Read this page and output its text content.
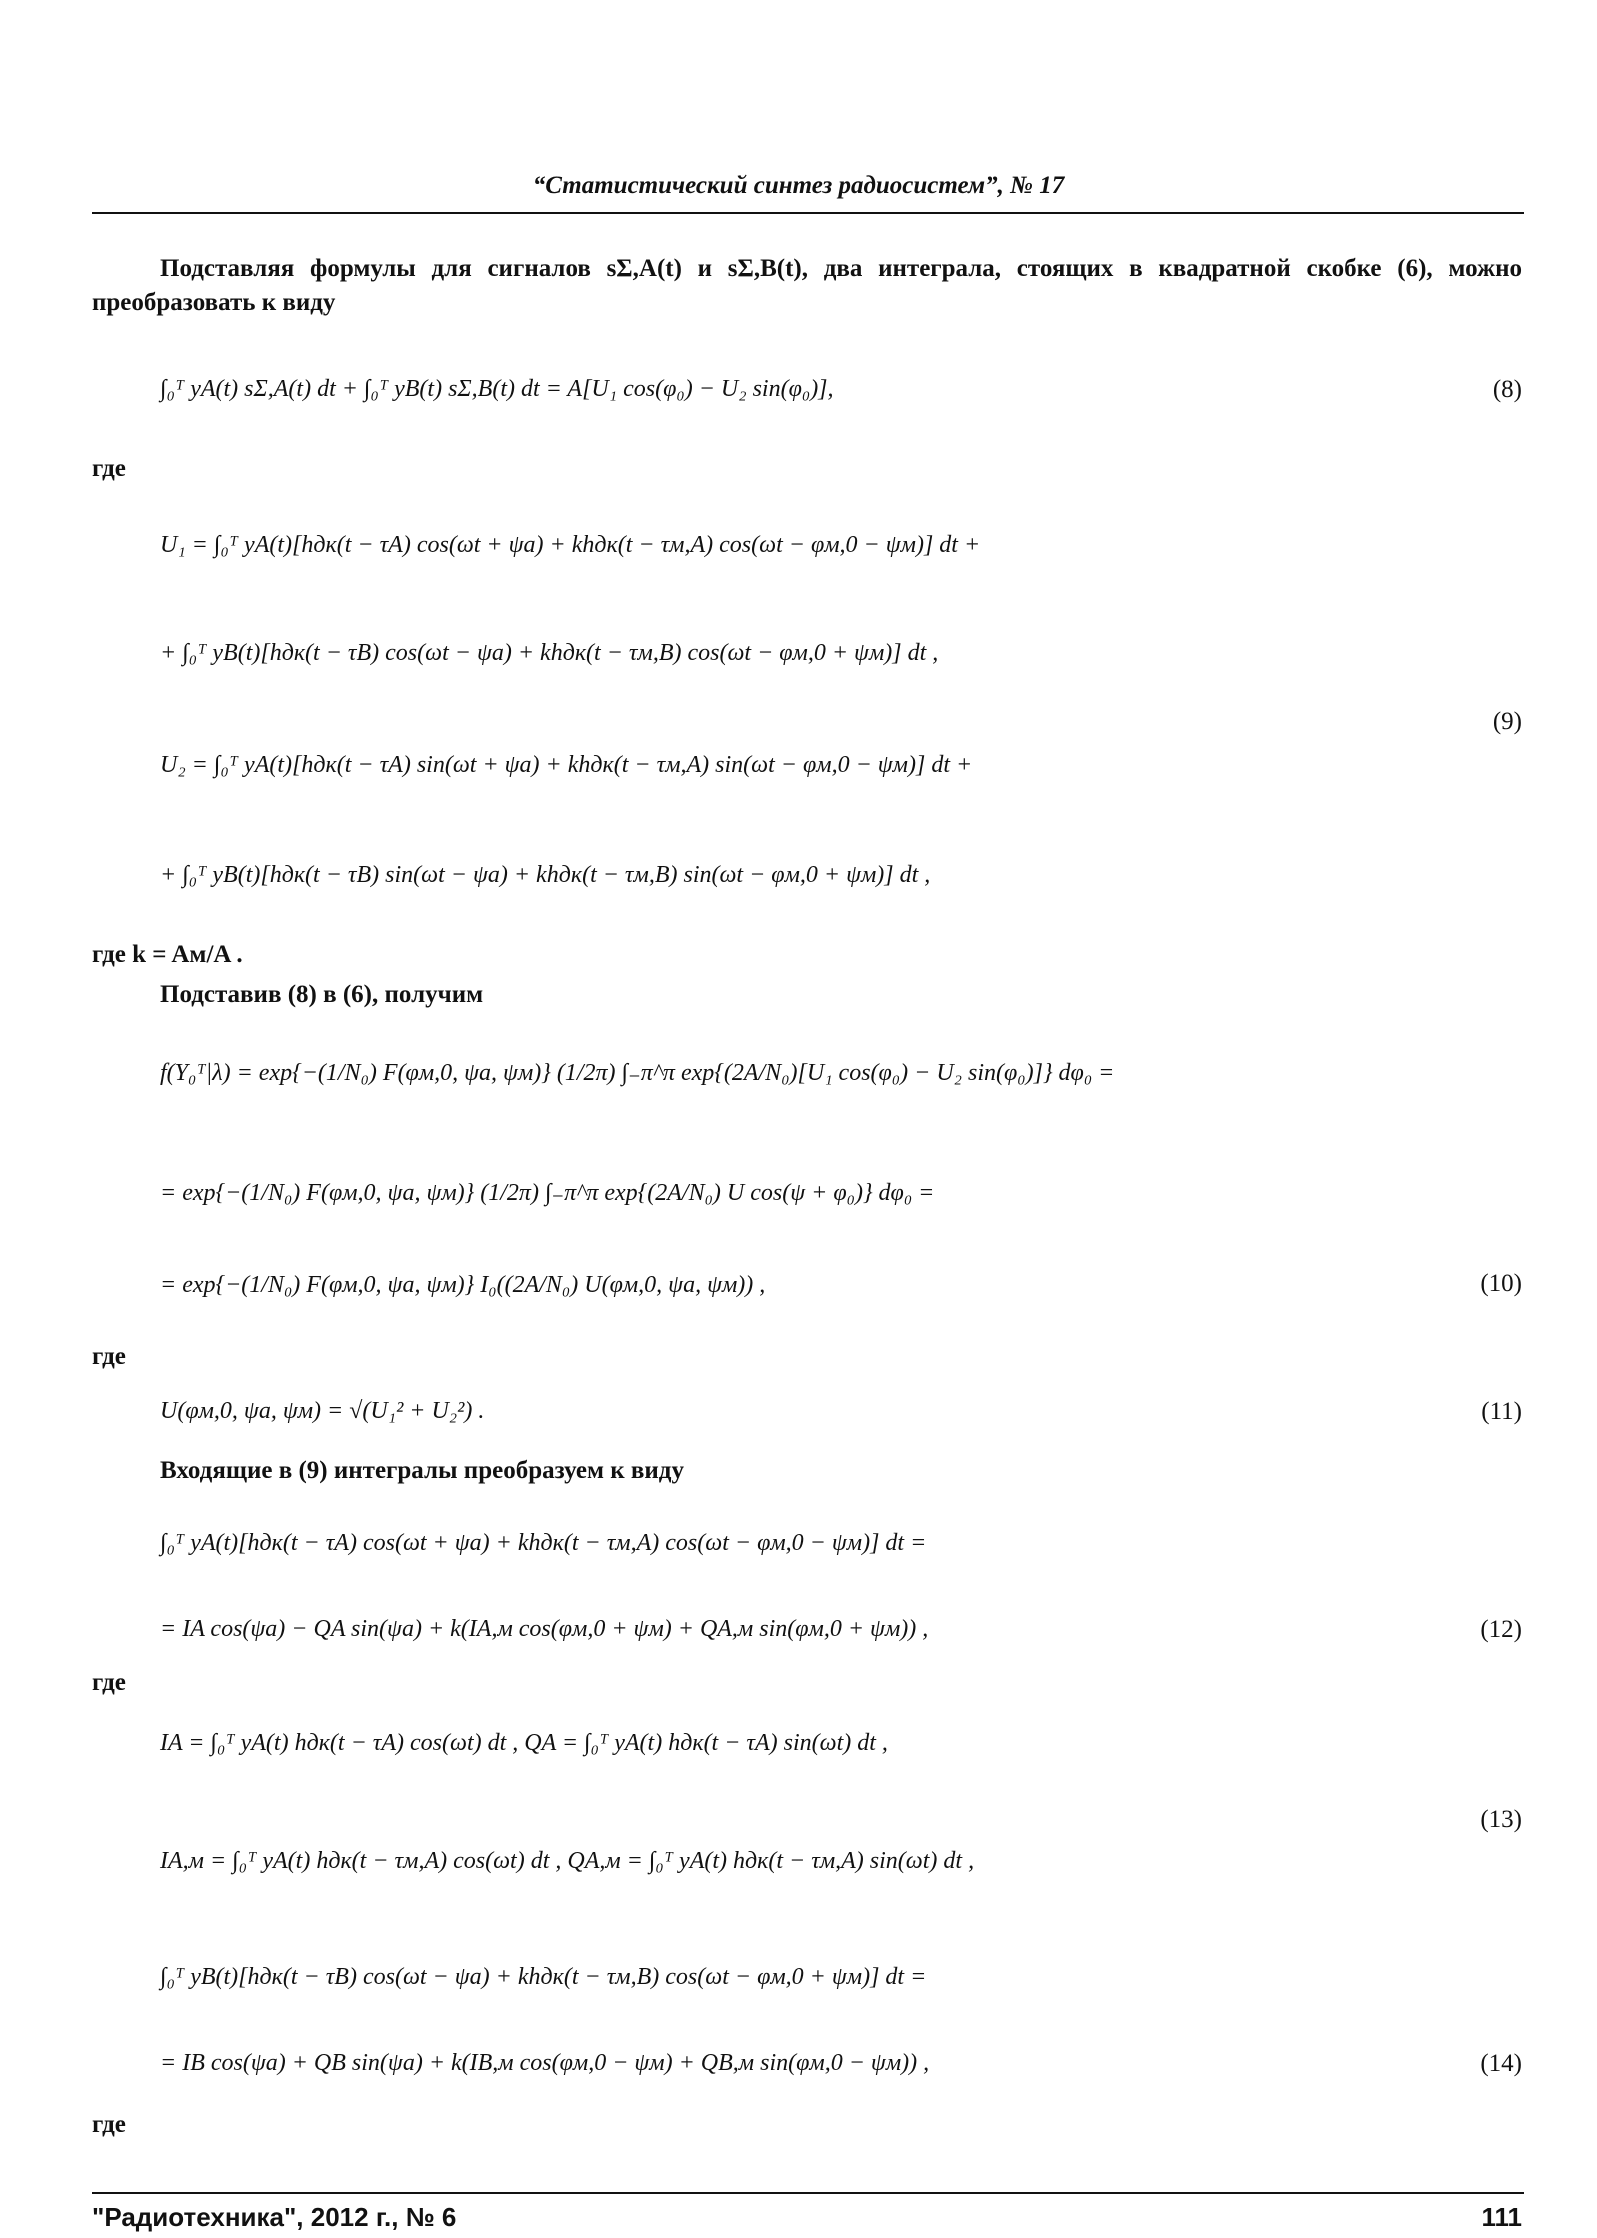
“Статистический синтез радиосистем”, № 17
Подставляя формулы для сигналов sΣ,A(t) и sΣ,B(t), два интеграла, стоящих в квадратной скобке (6), можно преобразовать к виду
∫₀ᵀ yA(t) sΣ,A(t) dt + ∫₀ᵀ yB(t) sΣ,B(t) dt = A[U₁ cos(φ₀) − U₂ sin(φ₀)],	(8)
где
U₁ = ∫₀ᵀ yA(t)[hдк(t − τA) cos(ωt + ψa) + khдк(t − τм,A) cos(ωt − φм,0 − ψм)] dt +
+ ∫₀ᵀ yB(t)[hдк(t − τB) cos(ωt − ψa) + khдк(t − τм,B) cos(ωt − φм,0 + ψм)] dt ,
U₂ = ∫₀ᵀ yA(t)[hдк(t − τA) sin(ωt + ψa) + khдк(t − τм,A) sin(ωt − φм,0 − ψм)] dt +
+ ∫₀ᵀ yB(t)[hдк(t − τB) sin(ωt − ψa) + khдк(t − τм,B) sin(ωt − φм,0 + ψм)] dt ,
(9)
где k = Aм/A .
Подставив (8) в (6), получим
f(Y₀ᵀ|λ) = exp{−(1/N₀) F(φм,0, ψa, ψм)} (1/2π) ∫₋π^π exp{(2A/N₀)[U₁ cos(φ₀) − U₂ sin(φ₀)]} dφ₀ =
= exp{−(1/N₀) F(φм,0, ψa, ψм)} (1/2π) ∫₋π^π exp{(2A/N₀) U cos(ψ + φ₀)} dφ₀ =
= exp{−(1/N₀) F(φм,0, ψa, ψм)} I₀((2A/N₀) U(φм,0, ψa, ψм)) ,	(10)
где
U(φм,0, ψa, ψм) = √(U₁² + U₂²) .	(11)
Входящие в (9) интегралы преобразуем к виду
∫₀ᵀ yA(t)[hдк(t − τA) cos(ωt + ψa) + khдк(t − τм,A) cos(ωt − φм,0 − ψм)] dt =
= IA cos(ψa) − QA sin(ψa) + k(IA,м cos(φм,0 + ψм) + QA,м sin(φм,0 + ψм)) ,	(12)
где
IA = ∫₀ᵀ yA(t) hдк(t − τA) cos(ωt) dt , QA = ∫₀ᵀ yA(t) hдк(t − τA) sin(ωt) dt ,
IA,м = ∫₀ᵀ yA(t) hдк(t − τм,A) cos(ωt) dt , QA,м = ∫₀ᵀ yA(t) hдк(t − τм,A) sin(ωt) dt ,
(13)
∫₀ᵀ yB(t)[hдк(t − τB) cos(ωt − ψa) + khдк(t − τм,B) cos(ωt − φм,0 + ψм)] dt =
= IB cos(ψa) + QB sin(ψa) + k(IB,м cos(φм,0 − ψм) + QB,м sin(φм,0 − ψм)) ,	(14)
где
"Радиотехника", 2012 г., № 6	111
